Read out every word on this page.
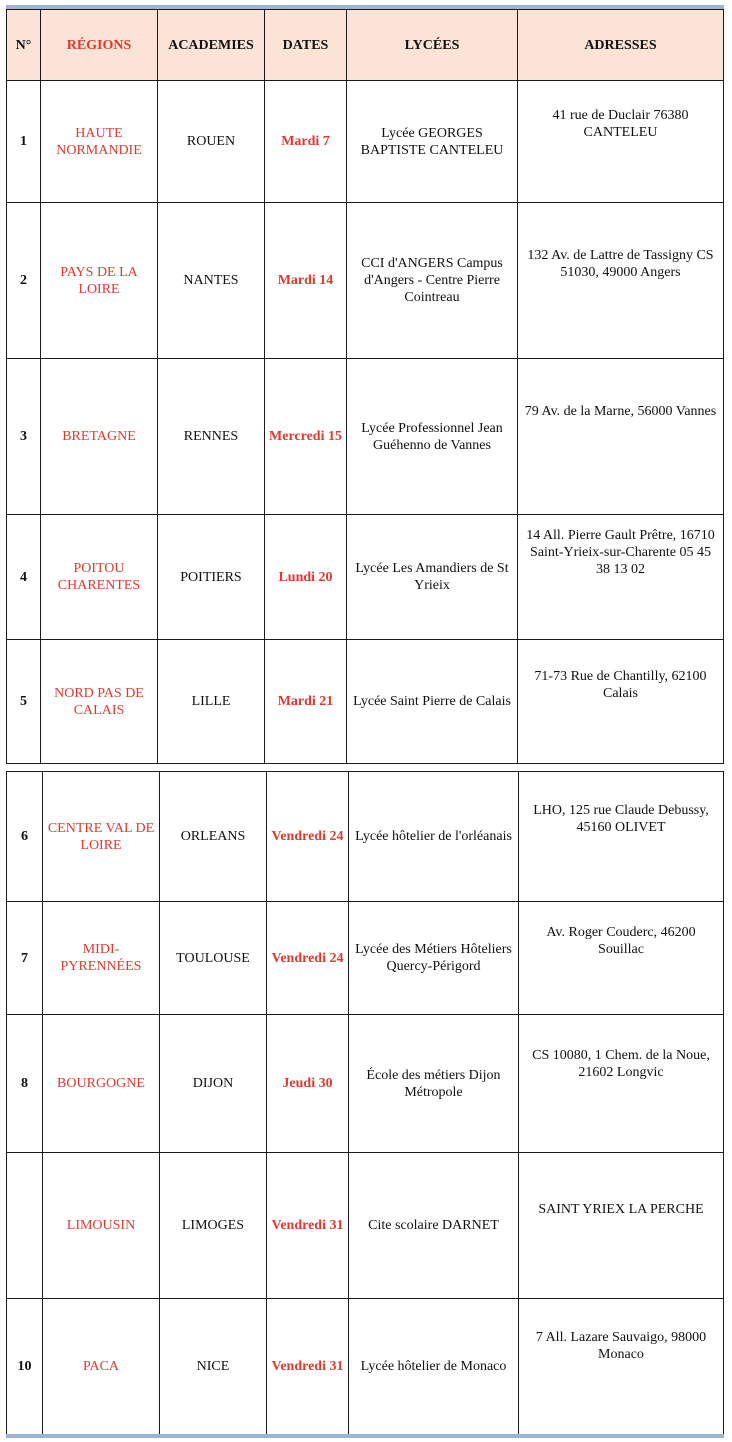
N°	RÉGIONS	ACADEMIES	DATES	LYCÉES	ADRESSES
1	HAUTE NORMANDIE	ROUEN	Mardi 7	Lycée GEORGES BAPTISTE CANTELEU	41 rue de Duclair 76380 CANTELEU
2	PAYS DE LA LOIRE	NANTES	Mardi 14	CCI d'ANGERS Campus d'Angers - Centre Pierre Cointreau	132 Av. de Lattre de Tassigny CS 51030, 49000 Angers
3	BRETAGNE	RENNES	Mercredi 15	Lycée Professionnel Jean Guéhenno de Vannes	79 Av. de la Marne, 56000 Vannes
4	POITOU CHARENTES	POITIERS	Lundi 20	Lycée Les Amandiers de St Yrieix	14 All. Pierre Gault Prêtre, 16710 Saint-Yrieix-sur-Charente 05 45 38 13 02
5	NORD PAS DE CALAIS	LILLE	Mardi 21	Lycée Saint Pierre de Calais	71-73 Rue de Chantilly, 62100 Calais
6	CENTRE VAL DE LOIRE	ORLEANS	Vendredi 24	Lycée hôtelier de l'orléanais	LHO, 125 rue Claude Debussy, 45160 OLIVET
7	MIDI-PYRENNÉES	TOULOUSE	Vendredi 24	Lycée des Métiers Hôteliers Quercy-Périgord	Av. Roger Couderc, 46200 Souillac
8	BOURGOGNE	DIJON	Jeudi 30	École des métiers Dijon Métropole	CS 10080, 1 Chem. de la Noue, 21602 Longvic
	LIMOUSIN	LIMOGES	Vendredi 31	Cite scolaire DARNET	SAINT YRIEX LA PERCHE
10	PACA	NICE	Vendredi 31	Lycée hôtelier de Monaco	7 All. Lazare Sauvaigo, 98000 Monaco
